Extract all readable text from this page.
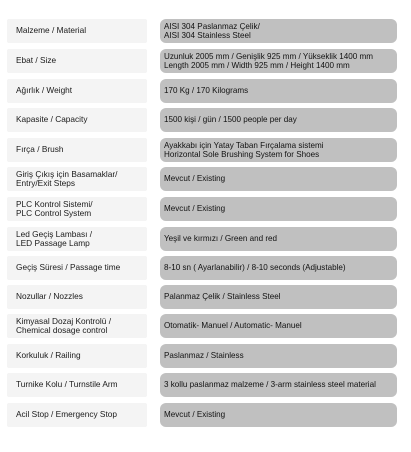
Malzeme / Material	AISI 304 Paslanmaz Çelik/
AISI 304 Stainless Steel
Ebat / Size	Uzunluk 2005 mm / Genişlik 925 mm / Yükseklik 1400 mm
Length 2005 mm / Width 925 mm / Height 1400 mm
Ağırlık / Weight	170 Kg / 170 Kilograms
Kapasite / Capacity	1500 kişi / gün / 1500 people per day
Fırça / Brush	Ayakkabı için Yatay Taban Fırçalama sistemi
Horizontal Sole Brushing System for Shoes
Giriş Çıkış için Basamaklar/
Entry/Exit Steps	Mevcut / Existing
PLC Kontrol Sistemi/
PLC Control System	Mevcut / Existing
Led Geçiş Lambası /
LED Passage Lamp	Yeşil ve kırmızı / Green and red
Geçiş Süresi / Passage time	8-10 sn ( Ayarlanabilir) / 8-10 seconds (Adjustable)
Nozullar / Nozzles	Palanmaz Çelik / Stainless Steel
Kimyasal Dozaj Kontrolü /
Chemical dosage control	Otomatik- Manuel / Automatic- Manuel
Korkuluk / Railing	Paslanmaz / Stainless
Turnike Kolu / Turnstile Arm	3 kollu paslanmaz malzeme / 3-arm stainless steel material
Acil Stop / Emergency Stop	Mevcut / Existing
